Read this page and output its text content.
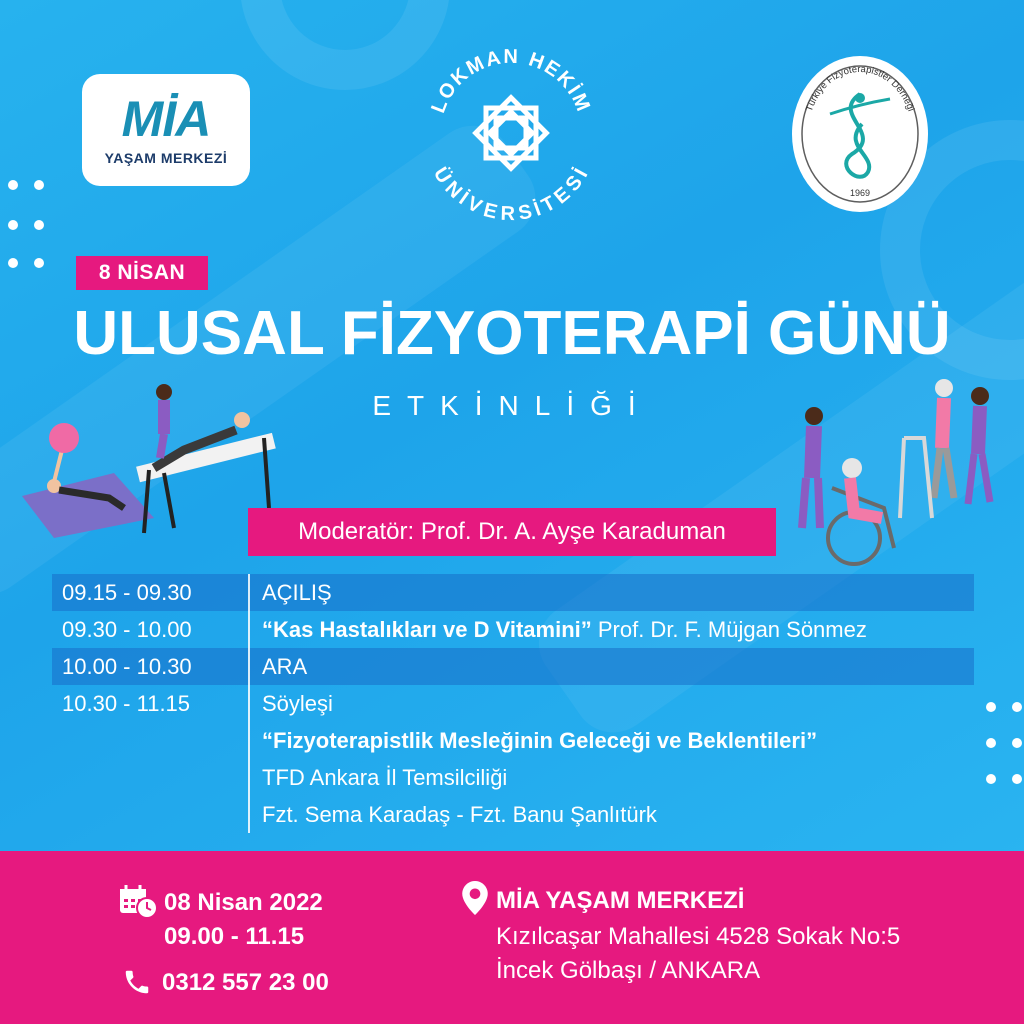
MİA
YAŞAM MERKEZİ
LOKMAN HEKİM
ÜNİVERSİTESİ
Türkiye Fizyoterapistler Derneği
1969
8 NİSAN
ULUSAL FİZYOTERAPİ GÜNÜ
ETKİNLİĞİ
Moderatör: Prof. Dr. A. Ayşe Karaduman
09.15 - 09.30	AÇILIŞ
09.30 - 10.00	“Kas Hastalıkları ve D Vitamini” Prof. Dr. F. Müjgan Sönmez
10.00 - 10.30	ARA
10.30 - 11.15	Söyleşi
“Fizyoterapistlik Mesleğinin Geleceği ve Beklentileri”
TFD Ankara İl Temsilciliği
Fzt. Sema Karadaş - Fzt. Banu Şanlıtürk
08 Nisan 2022
09.00 - 11.15
0312 557 23 00
MİA YAŞAM MERKEZİ
Kızılcaşar Mahallesi 4528 Sokak No:5
İncek Gölbaşı / ANKARA
